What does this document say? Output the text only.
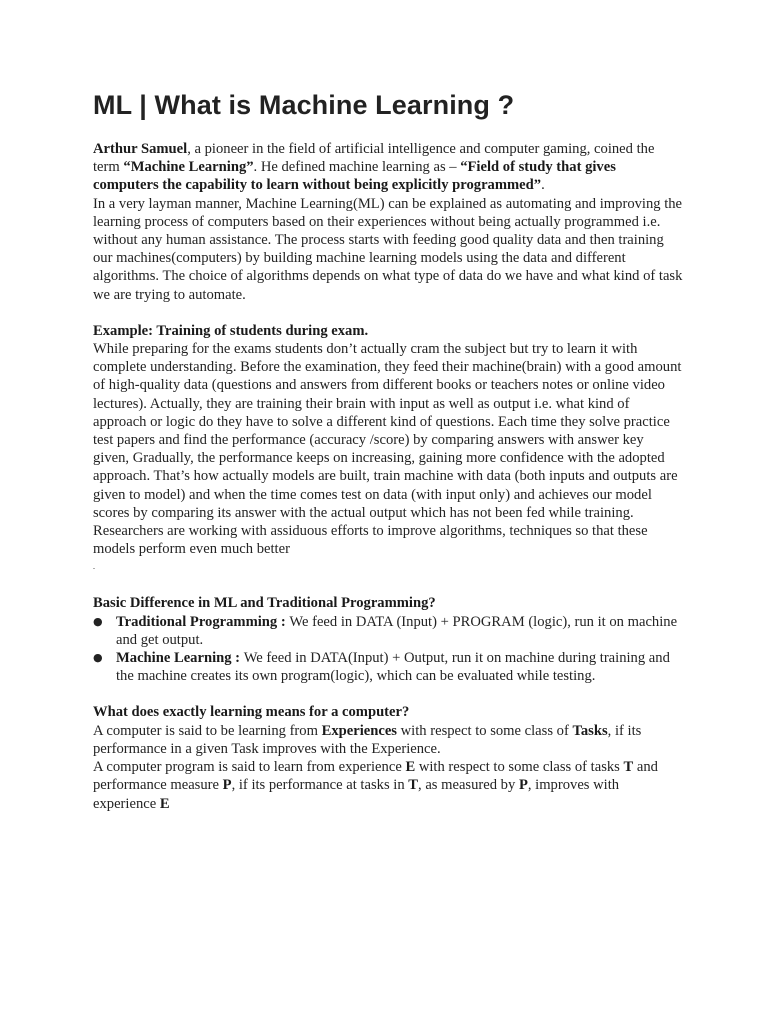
ML | What is Machine Learning ?

Arthur Samuel, a pioneer in the field of artificial intelligence and computer gaming, coined the term “Machine Learning”. He defined machine learning as – “Field of study that gives computers the capability to learn without being explicitly programmed”.

In a very layman manner, Machine Learning(ML) can be explained as automating and improving the learning process of computers based on their experiences without being actually programmed i.e. without any human assistance. The process starts with feeding good quality data and then training our machines(computers) by building machine learning models using the data and different algorithms. The choice of algorithms depends on what type of data do we have and what kind of task we are trying to automate.

Example: Training of students during exam.

While preparing for the exams students don’t actually cram the subject but try to learn it with complete understanding. Before the examination, they feed their machine(brain) with a good amount of high-quality data (questions and answers from different books or teachers notes or online video lectures). Actually, they are training their brain with input as well as output i.e. what kind of approach or logic do they have to solve a different kind of questions. Each time they solve practice test papers and find the performance (accuracy /score) by comparing answers with answer key given, Gradually, the performance keeps on increasing, gaining more confidence with the adopted approach. That’s how actually models are built, train machine with data (both inputs and outputs are given to model) and when the time comes test on data (with input only) and achieves our model scores by comparing its answer with the actual output which has not been fed while training. Researchers are working with assiduous efforts to improve algorithms, techniques so that these models perform even much better

.

Basic Difference in ML and Traditional Programming?

● Traditional Programming : We feed in DATA (Input) + PROGRAM (logic), run it on machine and get output.
● Machine Learning : We feed in DATA(Input) + Output, run it on machine during training and the machine creates its own program(logic), which can be evaluated while testing.

What does exactly learning means for a computer?

A computer is said to be learning from Experiences with respect to some class of Tasks, if its performance in a given Task improves with the Experience.

A computer program is said to learn from experience E with respect to some class of tasks T and performance measure P, if its performance at tasks in T, as measured by P, improves with experience E
